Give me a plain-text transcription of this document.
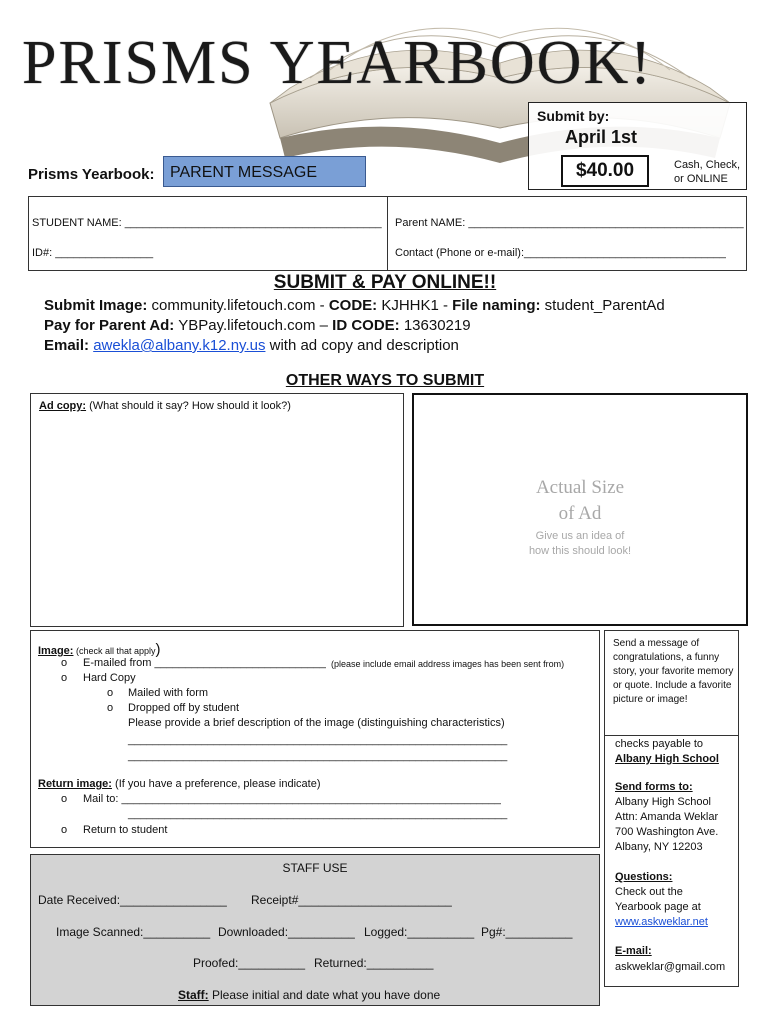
PRISMS YEARBOOK!
Submit by:
April 1st
$40.00	Cash, Check,
or ONLINE
Prisms Yearbook: PARENT MESSAGE
STUDENT NAME: __________________________________________
ID#: ________________
Parent NAME: _____________________________________________
Contact (Phone or e-mail):_________________________________
SUBMIT & PAY ONLINE!!
Submit Image: community.lifetouch.com - CODE: KJHHK1 - File naming: student_ParentAd
Pay for Parent Ad: YBPay.lifetouch.com – ID CODE: 13630219
Email: awekla@albany.k12.ny.us with ad copy and description
OTHER WAYS TO SUBMIT
Ad copy: (What should it say? How should it look?)
Actual Size
of Ad
Give us an idea of
how this should look!
Image: (check all that apply)
o E-mailed from ____________________________ (please include email address images has been sent from)
o Hard Copy
o Mailed with form
o Dropped off by student
Please provide a brief description of the image (distinguishing characteristics)
______________________________________________________________
______________________________________________________________
Return image: (If you have a preference, please indicate)
o Mail to: ______________________________________________________________
______________________________________________________________
o Return to student
Send a message of congratulations, a funny story, your favorite memory or quote. Include a favorite picture or image!
checks payable to
Albany High School
Send forms to:
Albany High School
Attn: Amanda Weklar
700 Washington Ave.
Albany, NY 12203
Questions:
Check out the
Yearbook page at
www.askweklar.net
E-mail:
askweklar@gmail.com
STAFF USE
Date Received:________________ Receipt#_______________________
Image Scanned:__________ Downloaded:__________ Logged:__________ Pg#:__________
Proofed:__________ Returned:__________
Staff: Please initial and date what you have done
